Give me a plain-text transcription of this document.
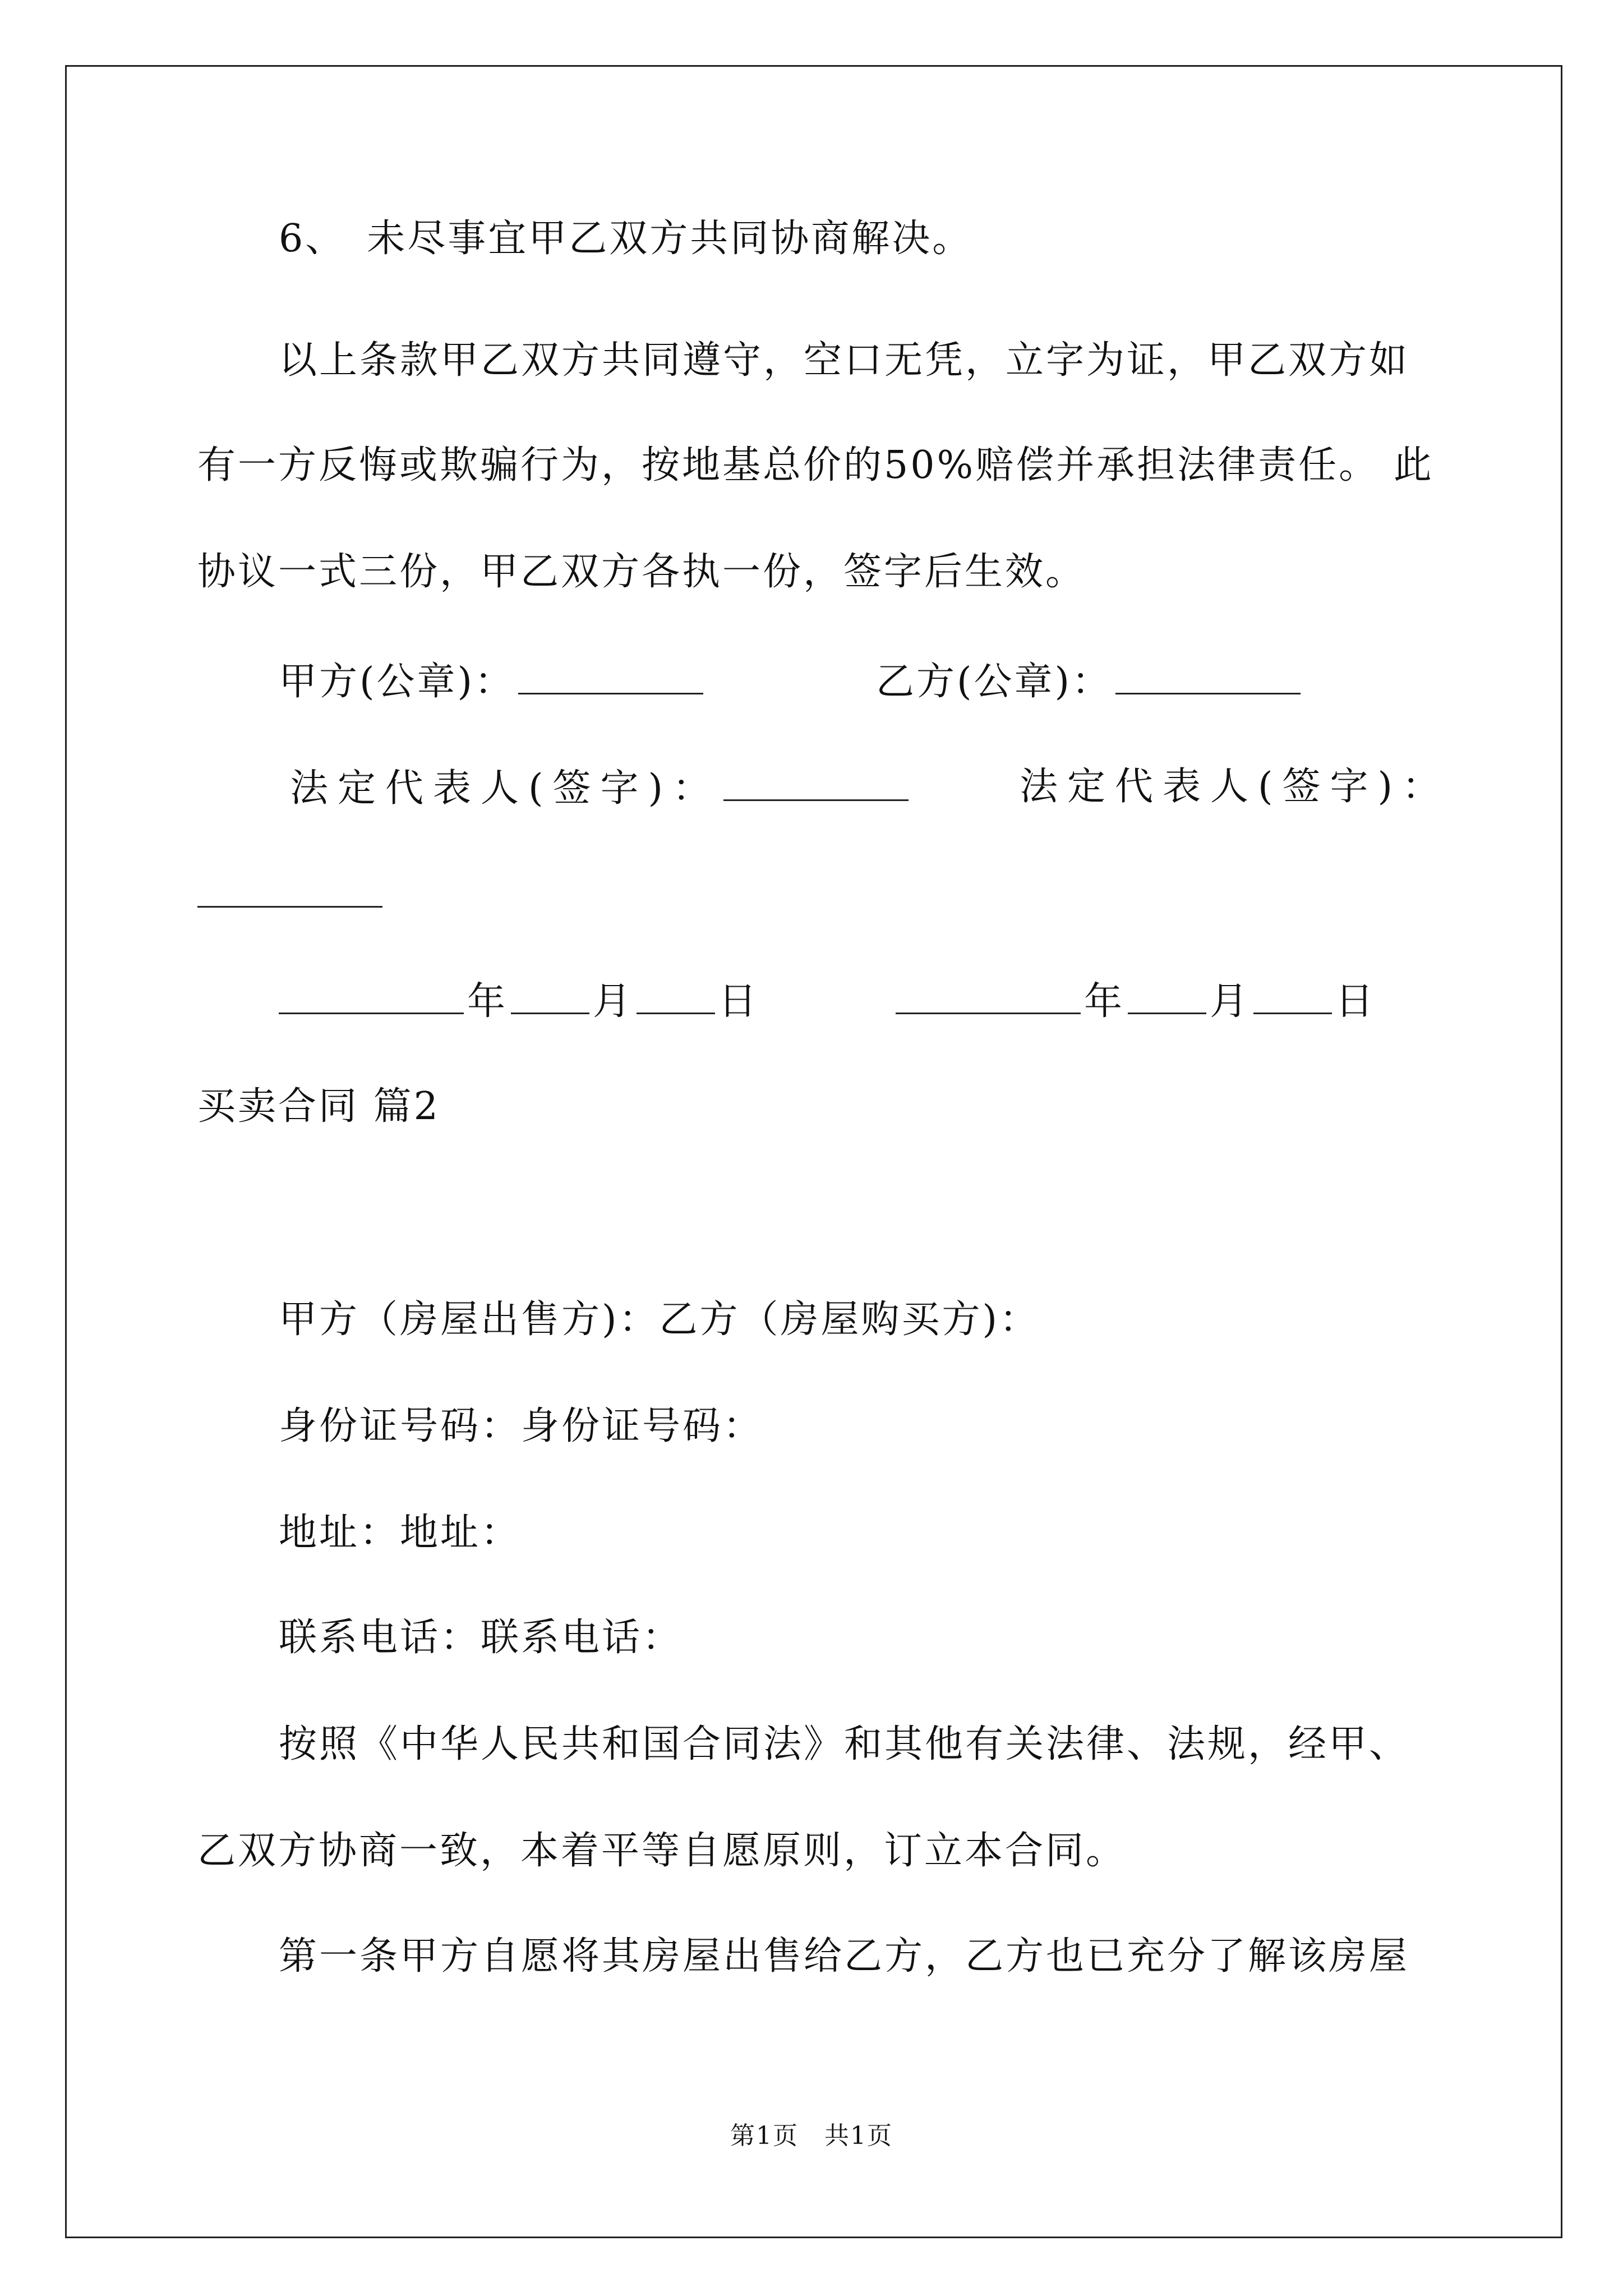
6、　未尽事宜甲乙双方共同协商解决。
以上条款甲乙双方共同遵守，空口无凭，立字为证，甲乙双方如
有一方反悔或欺骗行为，按地基总价的50%赔偿并承担法律责任。 此
协议一式三份，甲乙双方各执一份，签字后生效。
甲方(公章)：	乙方(公章)：
法定代表人(签字)：	法定代表人(签字)：
年 月 日	年 月 日
买卖合同 篇2
甲方（房屋出售方)：乙方（房屋购买方)：
身份证号码：身份证号码：
地址：地址：
联系电话：联系电话：
按照《中华人民共和国合同法》和其他有关法律、法规，经甲、
乙双方协商一致，本着平等自愿原则，订立本合同。
第一条甲方自愿将其房屋出售给乙方，乙方也已充分了解该房屋
第1页　共1页
